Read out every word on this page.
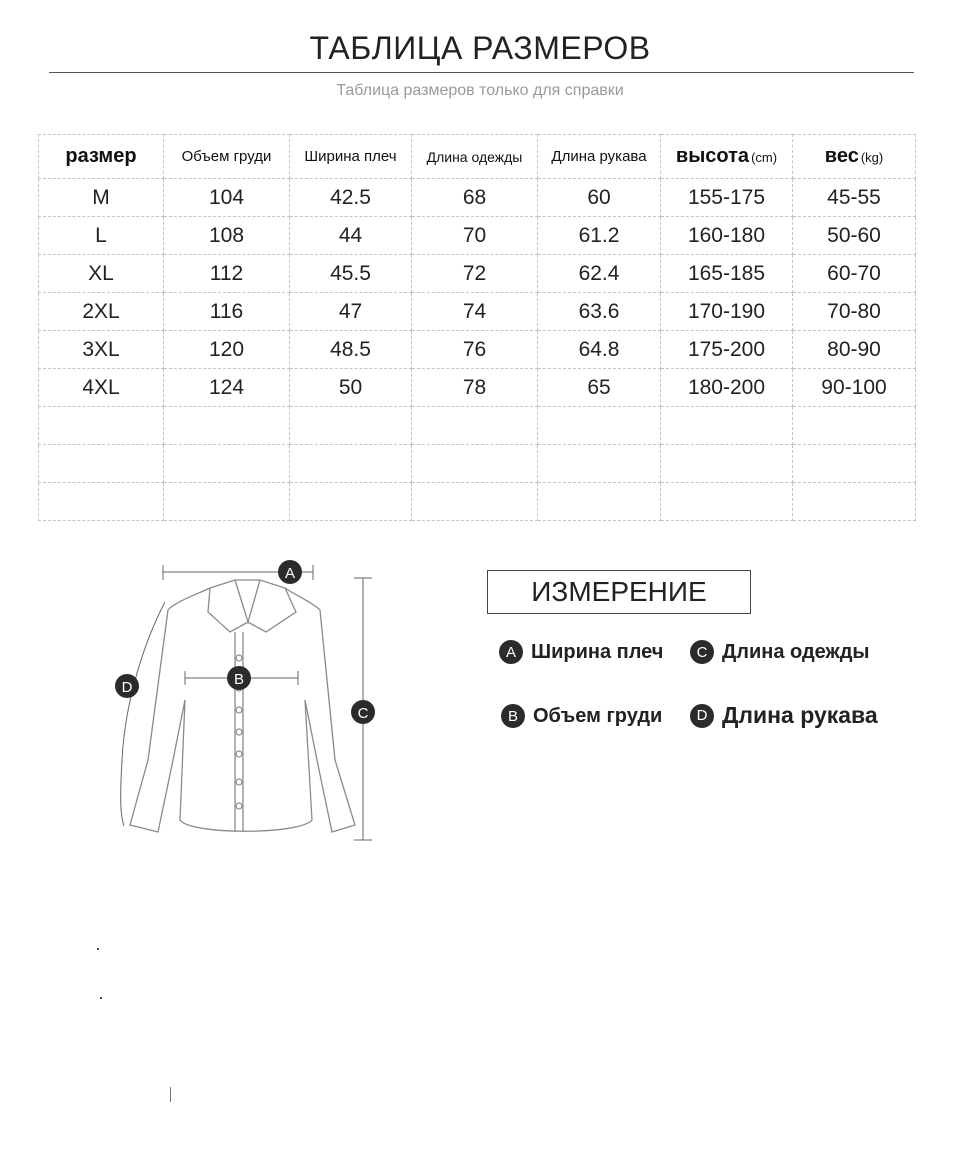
ТАБЛИЦА РАЗМЕРОВ
Таблица размеров только для справки
размер	Объем груди	Ширина плеч	Длина одежды	Длина рукава	высота (cm)	вес (kg)
M	104	42.5	68	60	155-175	45-55
L	108	44	70	61.2	160-180	50-60
XL	112	45.5	72	62.4	165-185	60-70
2XL	116	47	74	63.6	170-190	70-80
3XL	120	48.5	76	64.8	175-200	80-90
4XL	124	50	78	65	180-200	90-100

A
B
C
D
ИЗМЕРЕНИЕ
A Ширина плеч	C Длина одежды
B Объем груди	D Длина рукава
